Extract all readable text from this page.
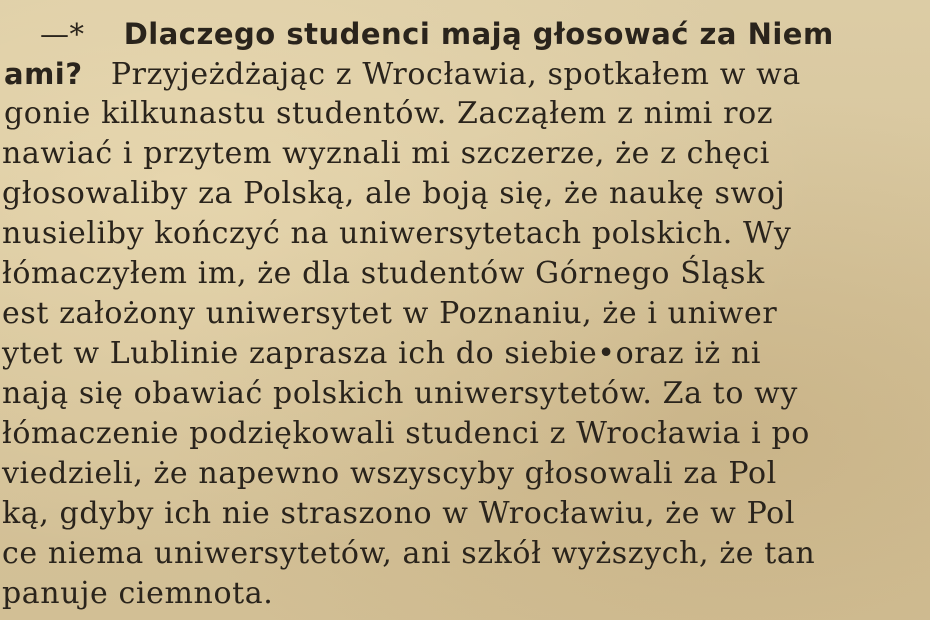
—* Dlaczego studenci mają głosować za Niem
ami? Przyjeżdżając z Wrocławia, spotkałem w wa
gonie kilkunastu studentów. Zacząłem z nimi roz
nawiać i przytem wyznali mi szczerze, że z chęci
głosowaliby za Polską, ale boją się, że naukę swoj
nusieliby kończyć na uniwersytetach polskich. Wy
łómaczyłem im, że dla studentów Górnego Śląsk
est założony uniwersytet w Poznaniu, że i uniwer
ytet w Lublinie zaprasza ich do siebie•oraz iż ni
nają się obawiać polskich uniwersytetów. Za to wy
łómaczenie podziękowali studenci z Wrocławia i po
viedzieli, że napewno wszyscyby głosowali za Pol
ką, gdyby ich nie straszono w Wrocławiu, że w Pol
ce niema uniwersytetów, ani szkół wyższych, że tan
panuje ciemnota.
